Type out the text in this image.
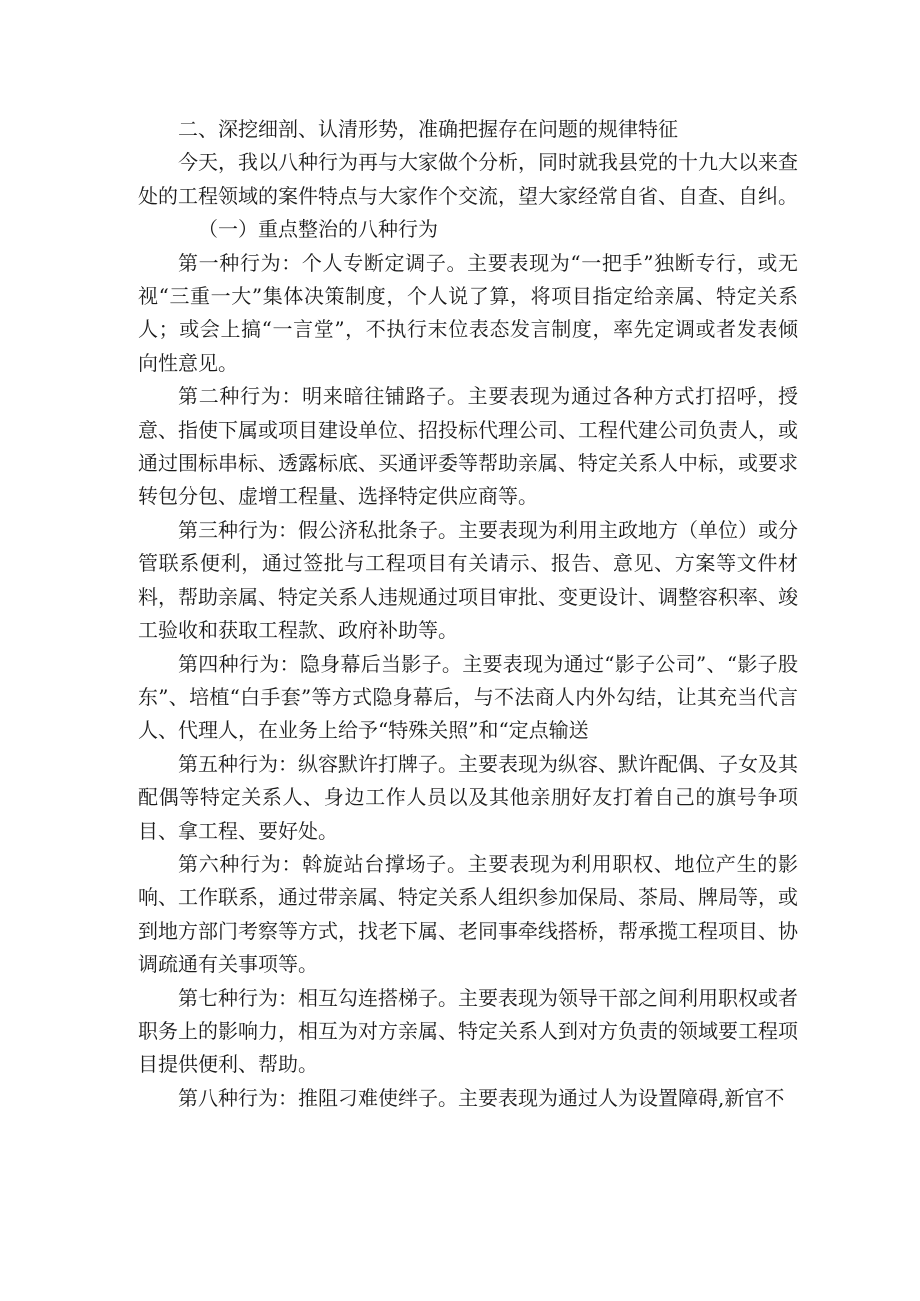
二、深挖细剖、认清形势，准确把握存在问题的规律特征

今天，我以八种行为再与大家做个分析，同时就我县党的十九大以来查处的工程领域的案件特点与大家作个交流，望大家经常自省、自查、自纠。

（一）重点整治的八种行为

第一种行为：个人专断定调子。主要表现为“一把手”独断专行，或无视“三重一大”集体决策制度，个人说了算，将项目指定给亲属、特定关系人；或会上搞“一言堂”，不执行末位表态发言制度，率先定调或者发表倾向性意见。

第二种行为：明来暗往铺路子。主要表现为通过各种方式打招呼，授意、指使下属或项目建设单位、招投标代理公司、工程代建公司负责人，或通过围标串标、透露标底、买通评委等帮助亲属、特定关系人中标，或要求转包分包、虚增工程量、选择特定供应商等。

第三种行为：假公济私批条子。主要表现为利用主政地方（单位）或分管联系便利，通过签批与工程项目有关请示、报告、意见、方案等文件材料，帮助亲属、特定关系人违规通过项目审批、变更设计、调整容积率、竣工验收和获取工程款、政府补助等。

第四种行为：隐身幕后当影子。主要表现为通过“影子公司”、“影子股东”、培植“白手套”等方式隐身幕后，与不法商人内外勾结，让其充当代言人、代理人，在业务上给予“特殊关照”和“定点输送

第五种行为：纵容默许打牌子。主要表现为纵容、默许配偶、子女及其配偶等特定关系人、身边工作人员以及其他亲朋好友打着自己的旗号争项目、拿工程、要好处。

第六种行为：斡旋站台撑场子。主要表现为利用职权、地位产生的影响、工作联系，通过带亲属、特定关系人组织参加保局、茶局、牌局等，或到地方部门考察等方式，找老下属、老同事牵线搭桥，帮承揽工程项目、协调疏通有关事项等。

第七种行为：相互勾连搭梯子。主要表现为领导干部之间利用职权或者职务上的影响力，相互为对方亲属、特定关系人到对方负责的领域要工程项目提供便利、帮助。

第八种行为：推阻刁难使绊子。主要表现为通过人为设置障碍,新官不
